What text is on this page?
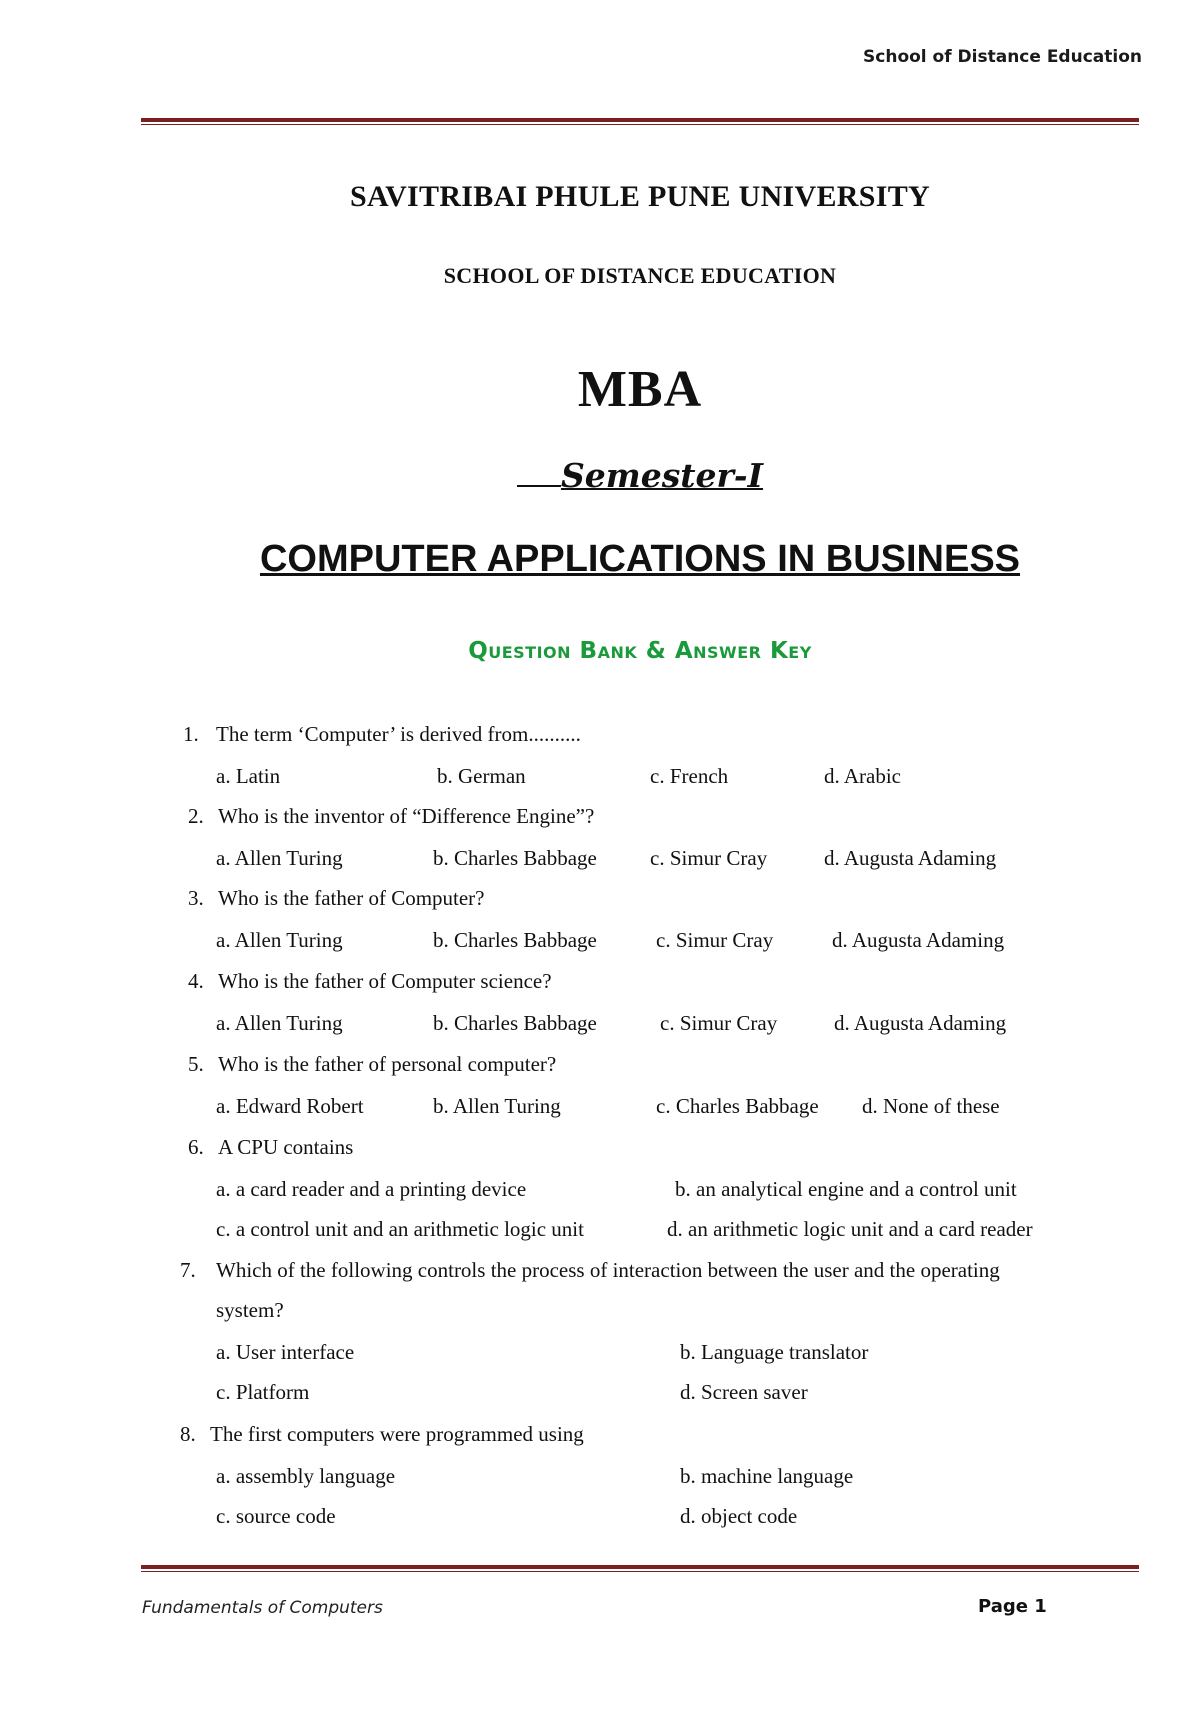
School of Distance Education
SAVITRIBAI PHULE PUNE UNIVERSITY
SCHOOL OF DISTANCE EDUCATION
MBA
Semester-I
COMPUTER APPLICATIONS IN BUSINESS
Question Bank & Answer Key
1. The term ‘Computer’ is derived from..........
a. Latin	b. German	c. French	d. Arabic
2. Who is the inventor of “Difference Engine”?
a. Allen Turing	b. Charles Babbage	c. Simur Cray	d. Augusta Adaming
3. Who is the father of Computer?
a. Allen Turing	b. Charles Babbage	c. Simur Cray	d. Augusta Adaming
4. Who is the father of Computer science?
a. Allen Turing	b. Charles Babbage	c. Simur Cray	d. Augusta Adaming
5. Who is the father of personal computer?
a. Edward Robert	b. Allen Turing	c. Charles Babbage d. None of these
6. A CPU contains
a. a card reader and a printing device	b. an analytical engine and a control unit
c. a control unit and an arithmetic logic unit	d. an arithmetic logic unit and a card reader
7. Which of the following controls the process of interaction between the user and the operating
system?
a. User interface	b. Language translator
c. Platform	d. Screen saver
8. The first computers were programmed using
a. assembly language	b. machine language
c. source code	d. object code
Fundamentals of Computers	Page 1
